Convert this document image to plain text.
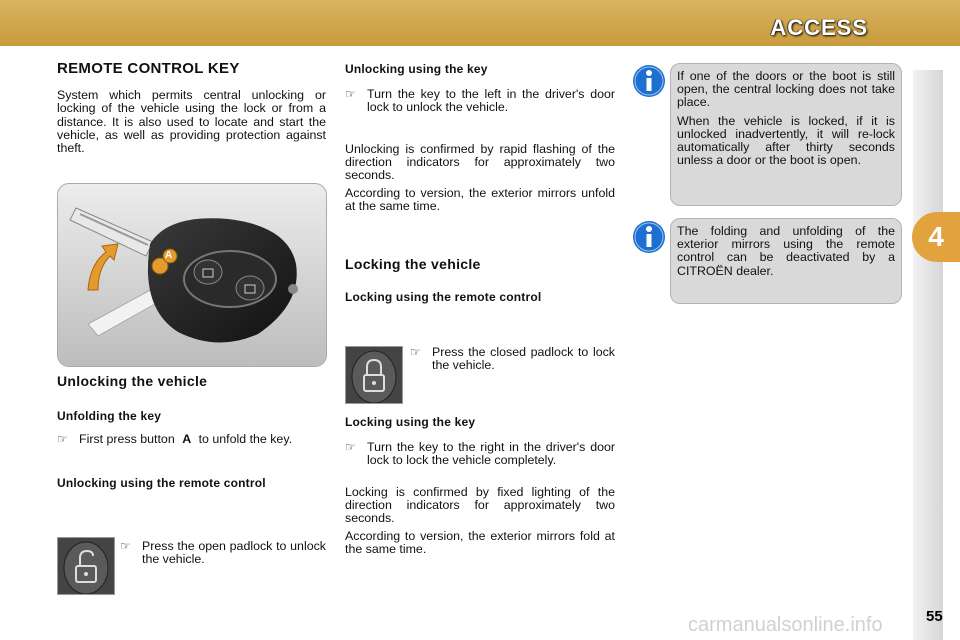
ACCESS
4
REMOTE CONTROL KEY

System which permits central unlocking or locking of the vehicle using the lock or from a distance. It is also used to locate and start the vehicle, as well as providing protection against theft.

A
Unlocking the vehicle
Unfolding the key
☞ First press button A to unfold the key.
Unlocking using the remote control
☞ Press the open padlock to unlock the vehicle.
Unlocking using the key
☞ Turn the key to the left in the driver's door lock to unlock the vehicle.

Unlocking is confirmed by rapid flashing of the direction indicators for approximately two seconds.

According to version, the exterior mirrors unfold at the same time.

Locking the vehicle
Locking using the remote control
☞ Press the closed padlock to lock the vehicle.
Locking using the key
☞ Turn the key to the right in the driver's door lock to lock the vehicle completely.

Locking is confirmed by fixed lighting of the direction indicators for approximately two seconds.

According to version, the exterior mirrors fold at the same time.

If one of the doors or the boot is still open, the central locking does not take place.

When the vehicle is locked, if it is unlocked inadvertently, it will re-lock automatically after thirty seconds unless a door or the boot is open.

The folding and unfolding of the exterior mirrors using the remote control can be deactivated by a CITROËN dealer.

carmanualsonline.info	55
